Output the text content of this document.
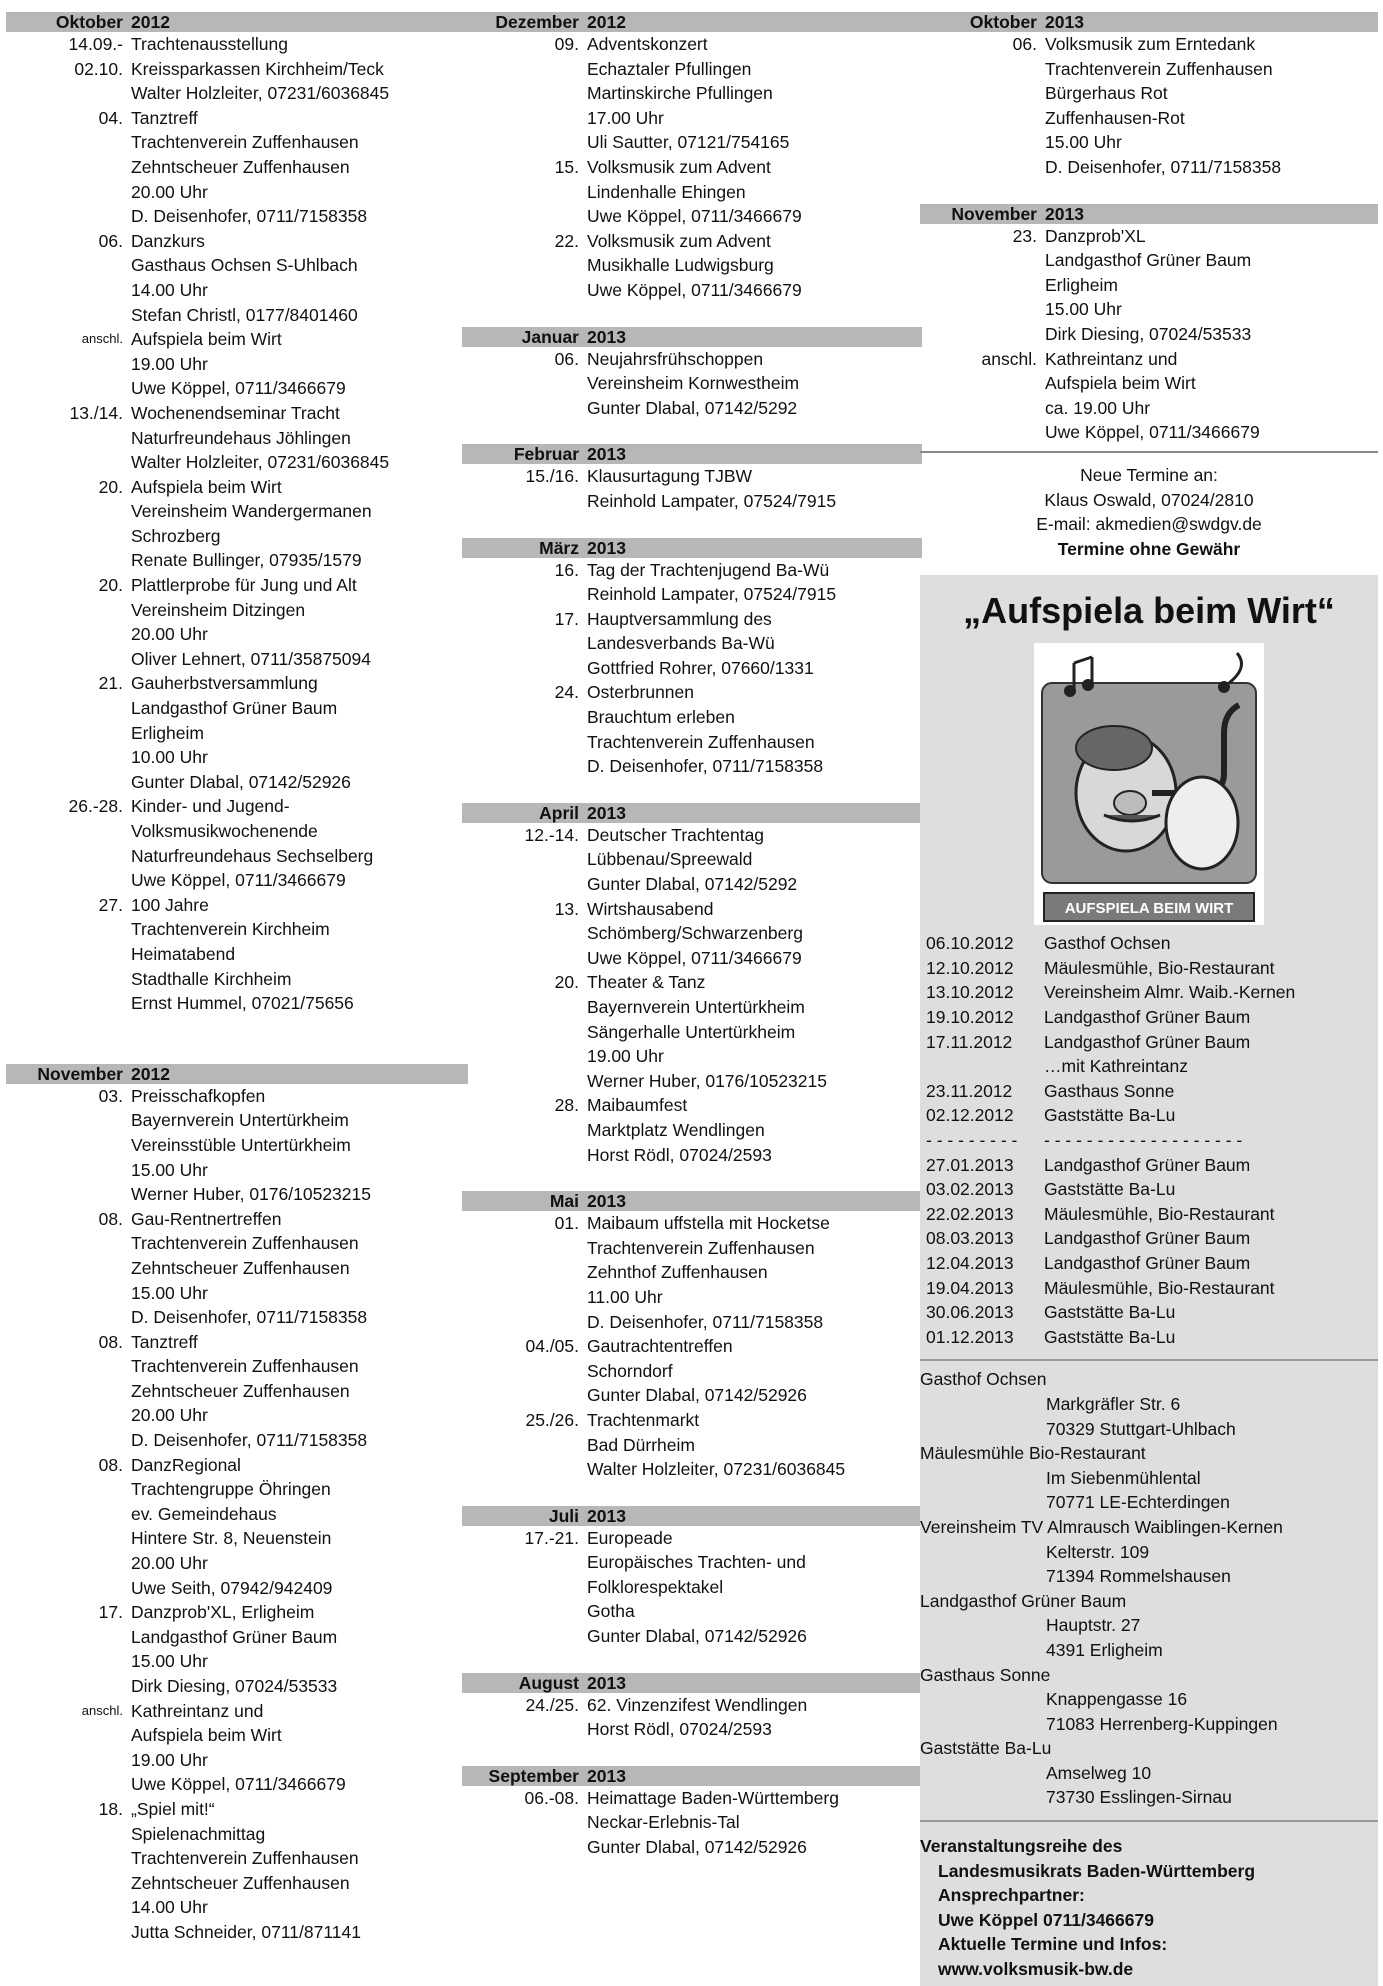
Oktober 2012
14.09.- Trachtenausstellung
02.10. Kreissparkassen Kirchheim/Teck
Walter Holzleiter, 07231/6036845
04. Tanztreff
Trachtenverein Zuffenhausen
Zehntscheuer Zuffenhausen
20.00 Uhr
D. Deisenhofer, 0711/7158358
06. Danzkurs
Gasthaus Ochsen S-Uhlbach
14.00 Uhr
Stefan Christl, 0177/8401460
anschl. Aufspiela beim Wirt
19.00 Uhr
Uwe Köppel, 0711/3466679
13./14. Wochenendseminar Tracht
Naturfreundehaus Jöhlingen
Walter Holzleiter, 07231/6036845
20. Aufspiela beim Wirt
Vereinsheim Wandergermanen
Schrozberg
Renate Bullinger, 07935/1579
20. Plattlerprobe für Jung und Alt
Vereinsheim Ditzingen
20.00 Uhr
Oliver Lehnert, 0711/35875094
21. Gauherbstversammlung
Landgasthof Grüner Baum
Erligheim
10.00 Uhr
Gunter Dlabal, 07142/52926
26.-28. Kinder- und Jugend-
Volksmusikwochenende
Naturfreundehaus Sechselberg
Uwe Köppel, 0711/3466679
27. 100 Jahre
Trachtenverein Kirchheim
Heimatabend
Stadthalle Kirchheim
Ernst Hummel, 07021/75656
November 2012
03. Preisschafkopfen
Bayernverein Untertürkheim
Vereinsstüble Untertürkheim
15.00 Uhr
Werner Huber, 0176/10523215
08. Gau-Rentnertreffen
Trachtenverein Zuffenhausen
Zehntscheuer Zuffenhausen
15.00 Uhr
D. Deisenhofer, 0711/7158358
08. Tanztreff
Trachtenverein Zuffenhausen
Zehntscheuer Zuffenhausen
20.00 Uhr
D. Deisenhofer, 0711/7158358
08. DanzRegional
Trachtengruppe Öhringen
ev. Gemeindehaus
Hintere Str. 8, Neuenstein
20.00 Uhr
Uwe Seith, 07942/942409
17. Danzprob'XL, Erligheim
Landgasthof Grüner Baum
15.00 Uhr
Dirk Diesing, 07024/53533
anschl. Kathreintanz und
Aufspiela beim Wirt
19.00 Uhr
Uwe Köppel, 0711/3466679
18. „Spiel mit!“
Spielenachmittag
Trachtenverein Zuffenhausen
Zehntscheuer Zuffenhausen
14.00 Uhr
Jutta Schneider, 0711/871141
Dezember 2012
09. Adventskonzert
Echaztaler Pfullingen
Martinskirche Pfullingen
17.00 Uhr
Uli Sautter, 07121/754165
15. Volksmusik zum Advent
Lindenhalle Ehingen
Uwe Köppel, 0711/3466679
22. Volksmusik zum Advent
Musikhalle Ludwigsburg
Uwe Köppel, 0711/3466679
Januar 2013
06. Neujahrsfrühschoppen
Vereinsheim Kornwestheim
Gunter Dlabal, 07142/5292
Februar 2013
15./16. Klausurtagung TJBW
Reinhold Lampater, 07524/7915
März 2013
16. Tag der Trachtenjugend Ba-Wü
Reinhold Lampater, 07524/7915
17. Hauptversammlung des
Landesverbands Ba-Wü
Gottfried Rohrer, 07660/1331
24. Osterbrunnen
Brauchtum erleben
Trachtenverein Zuffenhausen
D. Deisenhofer, 0711/7158358
April 2013
12.-14. Deutscher Trachtentag
Lübbenau/Spreewald
Gunter Dlabal, 07142/5292
13. Wirtshausabend
Schömberg/Schwarzenberg
Uwe Köppel, 0711/3466679
20. Theater & Tanz
Bayernverein Untertürkheim
Sängerhalle Untertürkheim
19.00 Uhr
Werner Huber, 0176/10523215
28. Maibaumfest
Marktplatz Wendlingen
Horst Rödl, 07024/2593
Mai 2013
01. Maibaum uffstella mit Hocketse
Trachtenverein Zuffenhausen
Zehnthof Zuffenhausen
11.00 Uhr
D. Deisenhofer, 0711/7158358
04./05. Gautrachtentreffen
Schorndorf
Gunter Dlabal, 07142/52926
25./26. Trachtenmarkt
Bad Dürrheim
Walter Holzleiter, 07231/6036845
Juli 2013
17.-21. Europeade
Europäisches Trachten- und
Folklorespektakel
Gotha
Gunter Dlabal, 07142/52926
August 2013
24./25. 62. Vinzenzifest Wendlingen
Horst Rödl, 07024/2593
September 2013
06.-08. Heimattage Baden-Württemberg
Neckar-Erlebnis-Tal
Gunter Dlabal, 07142/52926
Oktober 2013
06. Volksmusik zum Erntedank
Trachtenverein Zuffenhausen
Bürgerhaus Rot
Zuffenhausen-Rot
15.00 Uhr
D. Deisenhofer, 0711/7158358
November 2013
23. Danzprob'XL
Landgasthof Grüner Baum
Erligheim
15.00 Uhr
Dirk Diesing, 07024/53533
anschl. Kathreintanz und
Aufspiela beim Wirt
ca. 19.00 Uhr
Uwe Köppel, 0711/3466679
Neue Termine an:
Klaus Oswald, 07024/2810
E-mail: akmedien@swdgv.de
Termine ohne Gewähr
„Aufspiela beim Wirt“
AUFSPIELA BEIM WIRT
06.10.2012	Gasthof Ochsen
12.10.2012	Mäulesmühle, Bio-Restaurant
13.10.2012	Vereinsheim Almr. Waib.-Kernen
19.10.2012	Landgasthof Grüner Baum
17.11.2012	Landgasthof Grüner Baum
…mit Kathreintanz
23.11.2012	Gasthaus Sonne
02.12.2012	Gaststätte Ba-Lu
- - - - - - - - -	- - - - - - - - - - - - - - - - - - -
27.01.2013	Landgasthof Grüner Baum
03.02.2013	Gaststätte Ba-Lu
22.02.2013	Mäulesmühle, Bio-Restaurant
08.03.2013	Landgasthof Grüner Baum
12.04.2013	Landgasthof Grüner Baum
19.04.2013	Mäulesmühle, Bio-Restaurant
30.06.2013	Gaststätte Ba-Lu
01.12.2013	Gaststätte Ba-Lu
Gasthof Ochsen
Markgräfler Str. 6
70329 Stuttgart-Uhlbach
Mäulesmühle Bio-Restaurant
Im Siebenmühlental
70771 LE-Echterdingen
Vereinsheim TV Almrausch Waiblingen-Kernen
Kelterstr. 109
71394 Rommelshausen
Landgasthof Grüner Baum
Hauptstr. 27
4391 Erligheim
Gasthaus Sonne
Knappengasse 16
71083 Herrenberg-Kuppingen
Gaststätte Ba-Lu
Amselweg 10
73730 Esslingen-Sirnau
Veranstaltungsreihe des
Landesmusikrats Baden-Württemberg
Ansprechpartner:
Uwe Köppel 0711/3466679
Aktuelle Termine und Infos:
www.volksmusik-bw.de
